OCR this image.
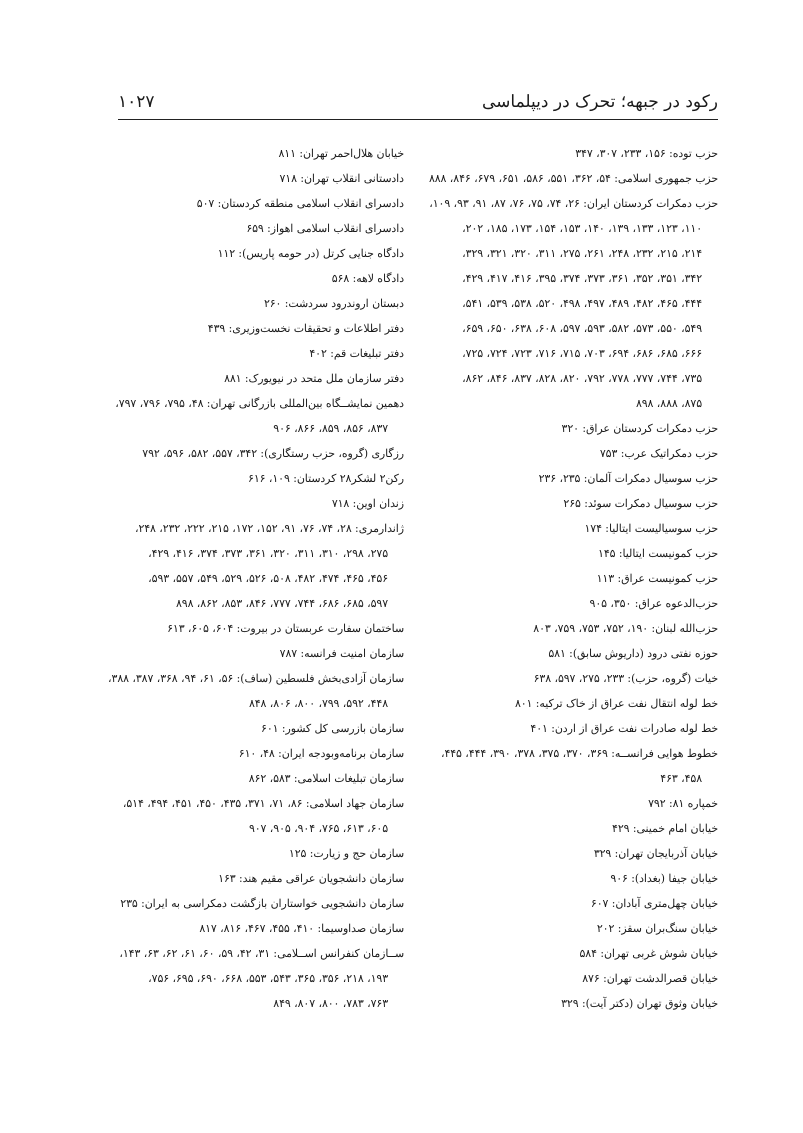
۱۰۲۷	رکود در جبهه؛ تحرک در دیپلماسی
حزب توده: ۱۵۶، ۲۳۳، ۳۰۷، ۳۴۷
حزب جمهوری اسلامی: ۵۴، ۳۶۲، ۵۵۱، ۵۸۶، ۶۵۱، ۶۷۹، ۸۴۶، ۸۸۸
حزب دمکرات کردستان ایران: ۲۶، ۷۴، ۷۵، ۷۶، ۸۷، ۹۱، ۹۳، ۱۰۹،
۱۱۰، ۱۲۳، ۱۳۳، ۱۳۹، ۱۴۰، ۱۵۳، ۱۵۴، ۱۷۳، ۱۸۵، ۲۰۲،
۲۱۴، ۲۱۵، ۲۳۲، ۲۴۸، ۲۶۱، ۲۷۵، ۳۱۱، ۳۲۰، ۳۲۱، ۳۲۹،
۳۴۲، ۳۵۱، ۳۵۲، ۳۶۱، ۳۷۳، ۳۷۴، ۳۹۵، ۴۱۶، ۴۱۷، ۴۲۹،
۴۴۴، ۴۶۵، ۴۸۲، ۴۸۹، ۴۹۷، ۴۹۸، ۵۲۰، ۵۳۸، ۵۳۹، ۵۴۱،
۵۴۹، ۵۵۰، ۵۷۳، ۵۸۲، ۵۹۳، ۵۹۷، ۶۰۸، ۶۳۸، ۶۵۰، ۶۵۹،
۶۶۶، ۶۸۵، ۶۸۶، ۶۹۴، ۷۰۳، ۷۱۵، ۷۱۶، ۷۲۳، ۷۲۴، ۷۲۵،
۷۳۵، ۷۴۴، ۷۷۷، ۷۷۸، ۷۹۲، ۸۲۰، ۸۲۸، ۸۳۷، ۸۴۶، ۸۶۲،
۸۷۵، ۸۸۸، ۸۹۸
حزب دمکرات کردستان عراق: ۳۲۰
حزب دمکراتیک عرب: ۷۵۳
حزب سوسیال دمکرات آلمان: ۲۳۵، ۲۳۶
حزب سوسیال دمکرات سوئد: ۲۶۵
حزب سوسیالیست ایتالیا: ۱۷۴
حزب کمونیست ایتالیا: ۱۴۵
حزب کمونیست عراق: ۱۱۳
حزب‌الدعوه عراق: ۳۵۰، ۹۰۵
حزب‌الله لبنان: ۱۹۰، ۷۵۲، ۷۵۳، ۷۵۹، ۸۰۳
حوزه نفتی درود (داریوش سابق): ۵۸۱
خیات (گروه، حزب): ۲۳۳، ۲۷۵، ۵۹۷، ۶۳۸
خط لوله انتقال نفت عراق از خاک ترکیه: ۸۰۱
خط لوله صادرات نفت عراق از اردن: ۴۰۱
خطوط هوایی فرانســه: ۳۶۹، ۳۷۰، ۳۷۵، ۳۷۸، ۳۹۰، ۴۴۴، ۴۴۵،
۴۵۸، ۴۶۳
خمپاره ۸۱: ۷۹۲
خیابان امام خمینی: ۴۲۹
خیابان آذربایجان تهران: ۳۲۹
خیابان جیفا (بغداد): ۹۰۶
خیابان چهل‌متری آبادان: ۶۰۷
خیابان سنگ‌بران سقز: ۲۰۲
خیابان شوش غربی تهران: ۵۸۴
خیابان قصرالدشت تهران: ۸۷۶
خیابان وثوق تهران (دکتر آیت): ۳۲۹
خیابان هلال‌احمر تهران: ۸۱۱
دادستانی انقلاب تهران: ۷۱۸
دادسرای انقلاب اسلامی منطقه کردستان: ۵۰۷
دادسرای انقلاب اسلامی اهواز: ۶۵۹
دادگاه جنایی کرتل (در حومه پاریس): ۱۱۲
دادگاه لاهه: ۵۶۸
دبستان اروندرود سردشت: ۲۶۰
دفتر اطلاعات و تحقیقات نخست‌وزیری: ۴۳۹
دفتر تبلیغات قم: ۴۰۲
دفتر سازمان ملل متحد در نیویورک: ۸۸۱
دهمین نمایشــگاه بین‌المللی بازرگانی تهران: ۴۸، ۷۹۵، ۷۹۶، ۷۹۷،
۸۳۷، ۸۵۶، ۸۵۹، ۸۶۶، ۹۰۶
رزگاری (گروه، حزب رستگاری): ۳۴۲، ۵۵۷، ۵۸۲، ۵۹۶، ۷۹۲
رکن۲ لشکر۲۸ کردستان: ۱۰۹، ۶۱۶
زندان اوین: ۷۱۸
ژاندارمری: ۲۸، ۷۴، ۷۶، ۹۱، ۱۵۲، ۱۷۲، ۲۱۵، ۲۲۲، ۲۳۲، ۲۴۸،
۲۷۵، ۲۹۸، ۳۱۰، ۳۱۱، ۳۲۰، ۳۶۱، ۳۷۳، ۳۷۴، ۴۱۶، ۴۲۹،
۴۵۶، ۴۶۵، ۴۷۴، ۴۸۲، ۵۰۸، ۵۲۶، ۵۲۹، ۵۴۹، ۵۵۷، ۵۹۳،
۵۹۷، ۶۸۵، ۶۸۶، ۷۴۴، ۷۷۷، ۸۴۶، ۸۵۳، ۸۶۲، ۸۹۸
ساختمان سفارت عربستان در بیروت: ۶۰۴، ۶۰۵، ۶۱۳
سازمان امنیت فرانسه: ۷۸۷
سازمان آزادی‌بخش فلسطین (ساف): ۵۶، ۶۱، ۹۴، ۳۶۸، ۳۸۷، ۳۸۸،
۴۴۸، ۵۹۲، ۷۹۹، ۸۰۰، ۸۰۶، ۸۴۸
سازمان بازرسی کل کشور: ۶۰۱
سازمان برنامه‌وبودجه ایران: ۴۸، ۶۱۰
سازمان تبلیغات اسلامی: ۵۸۳، ۸۶۲
سازمان جهاد اسلامی: ۸۶، ۷۱، ۳۷۱، ۴۳۵، ۴۵۰، ۴۵۱، ۴۹۴، ۵۱۴،
۶۰۵، ۶۱۳، ۷۶۵، ۹۰۴، ۹۰۵، ۹۰۷
سازمان حج و زیارت: ۱۲۵
سازمان دانشجویان عراقی مقیم هند: ۱۶۳
سازمان دانشجویی خواستاران بازگشت دمکراسی به ایران: ۲۳۵
سازمان صداوسیما: ۴۱۰، ۴۵۵، ۴۶۷، ۸۱۶، ۸۱۷
ســازمان کنفرانس اســلامی: ۳۱، ۴۲، ۵۹، ۶۰، ۶۱، ۶۲، ۶۳، ۱۴۳،
۱۹۳، ۲۱۸، ۳۵۶، ۳۶۵، ۵۴۳، ۵۵۳، ۶۶۸، ۶۹۰، ۶۹۵، ۷۵۶،
۷۶۳، ۷۸۳، ۸۰۰، ۸۰۷، ۸۴۹
